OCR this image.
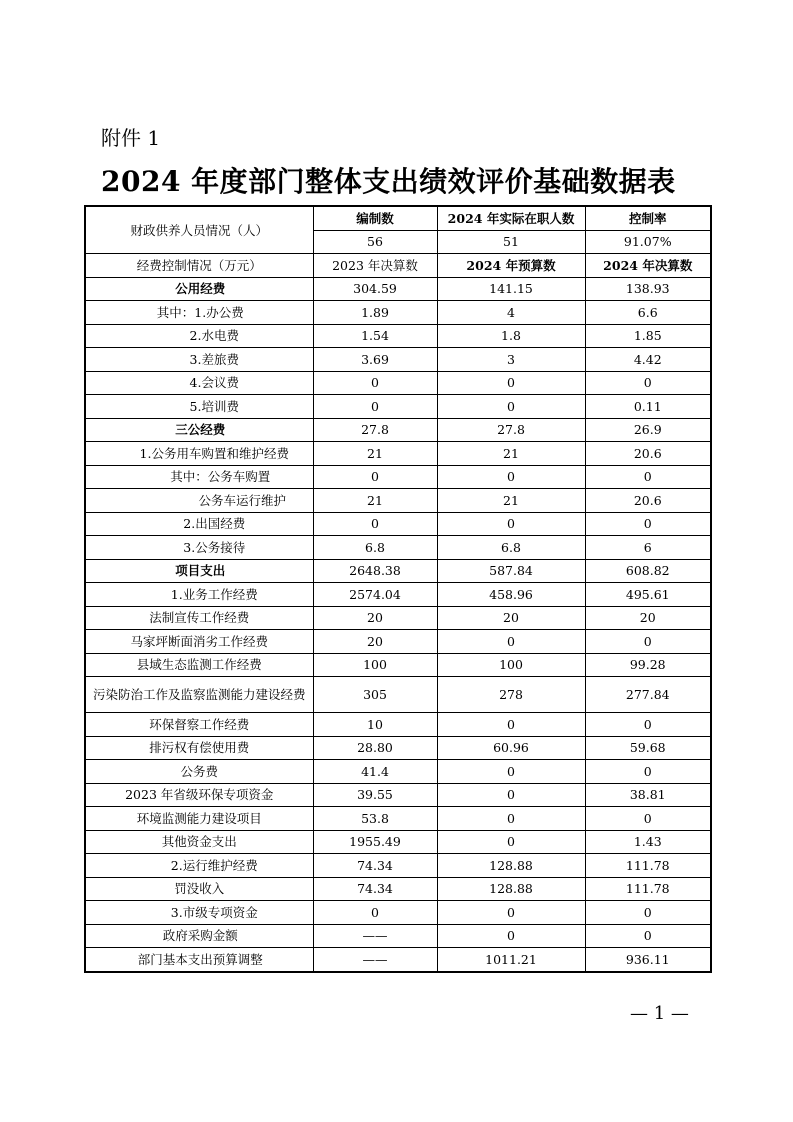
附件 1
2024 年度部门整体支出绩效评价基础数据表
财政供养人员情况（人）	编制数	2024 年实际在职人数	控制率
	56	51	91.07%
经费控制情况（万元）	2023 年决算数	2024 年预算数	2024 年决算数
公用经费	304.59	141.15	138.93
其中：1.办公费	1.89	4	6.6
2.水电费	1.54	1.8	1.85
3.差旅费	3.69	3	4.42
4.会议费	0	0	0
5.培训费	0	0	0.11
三公经费	27.8	27.8	26.9
1.公务用车购置和维护经费	21	21	20.6
其中：公务车购置	0	0	0
公务车运行维护	21	21	20.6
2.出国经费	0	0	0
3.公务接待	6.8	6.8	6
项目支出	2648.38	587.84	608.82
1.业务工作经费	2574.04	458.96	495.61
法制宣传工作经费	20	20	20
马家坪断面消劣工作经费	20	0	0
县域生态监测工作经费	100	100	99.28
污染防治工作及监察监测能力建设经费	305	278	277.84
环保督察工作经费	10	0	0
排污权有偿使用费	28.80	60.96	59.68
公务费	41.4	0	0
2023 年省级环保专项资金	39.55	0	38.81
环境监测能力建设项目	53.8	0	0
其他资金支出	1955.49	0	1.43
2.运行维护经费	74.34	128.88	111.78
罚没收入	74.34	128.88	111.78
3.市级专项资金	0	0	0
政府采购金额	——	0	0
部门基本支出预算调整	——	1011.21	936.11
— 1 —
